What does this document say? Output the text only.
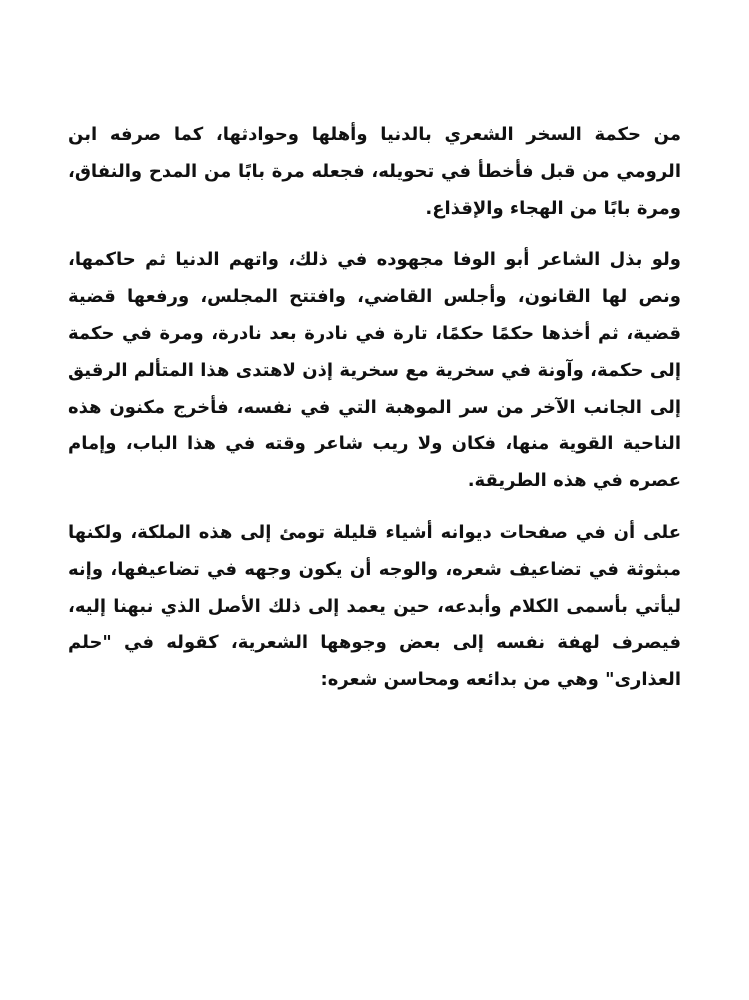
من حكمة السخر الشعري بالدنيا وأهلها وحوادثها، كما صرفه ابن الرومي من قبل فأخطأ في تحويله، فجعله مرة بابًا من المدح والنفاق، ومرة بابًا من الهجاء والإقذاع.

ولو بذل الشاعر أبو الوفا مجهوده في ذلك، واتهم الدنيا ثم حاكمها، ونص لها القانون، وأجلس القاضي، وافتتح المجلس، ورفعها قضية قضية، ثم أخذها حكمًا حكمًا، تارة في نادرة بعد نادرة، ومرة في حكمة إلى حكمة، وآونة في سخرية مع سخرية إذن لاهتدى هذا المتألم الرقيق إلى الجانب الآخر من سر الموهبة التي في نفسه، فأخرج مكنون هذه الناحية القوية منها، فكان ولا ريب شاعر وقته في هذا الباب، وإمام عصره في هذه الطريقة.

على أن في صفحات ديوانه أشياء قليلة تومئ إلى هذه الملكة، ولكنها مبثوثة في تضاعيف شعره، والوجه أن يكون وجهه في تضاعيفها، وإنه ليأتي بأسمى الكلام وأبدعه، حين يعمد إلى ذلك الأصل الذي نبهنا إليه، فيصرف لهفة نفسه إلى بعض وجوهها الشعرية، كقوله في "حلم العذارى" وهي من بدائعه ومحاسن شعره:
